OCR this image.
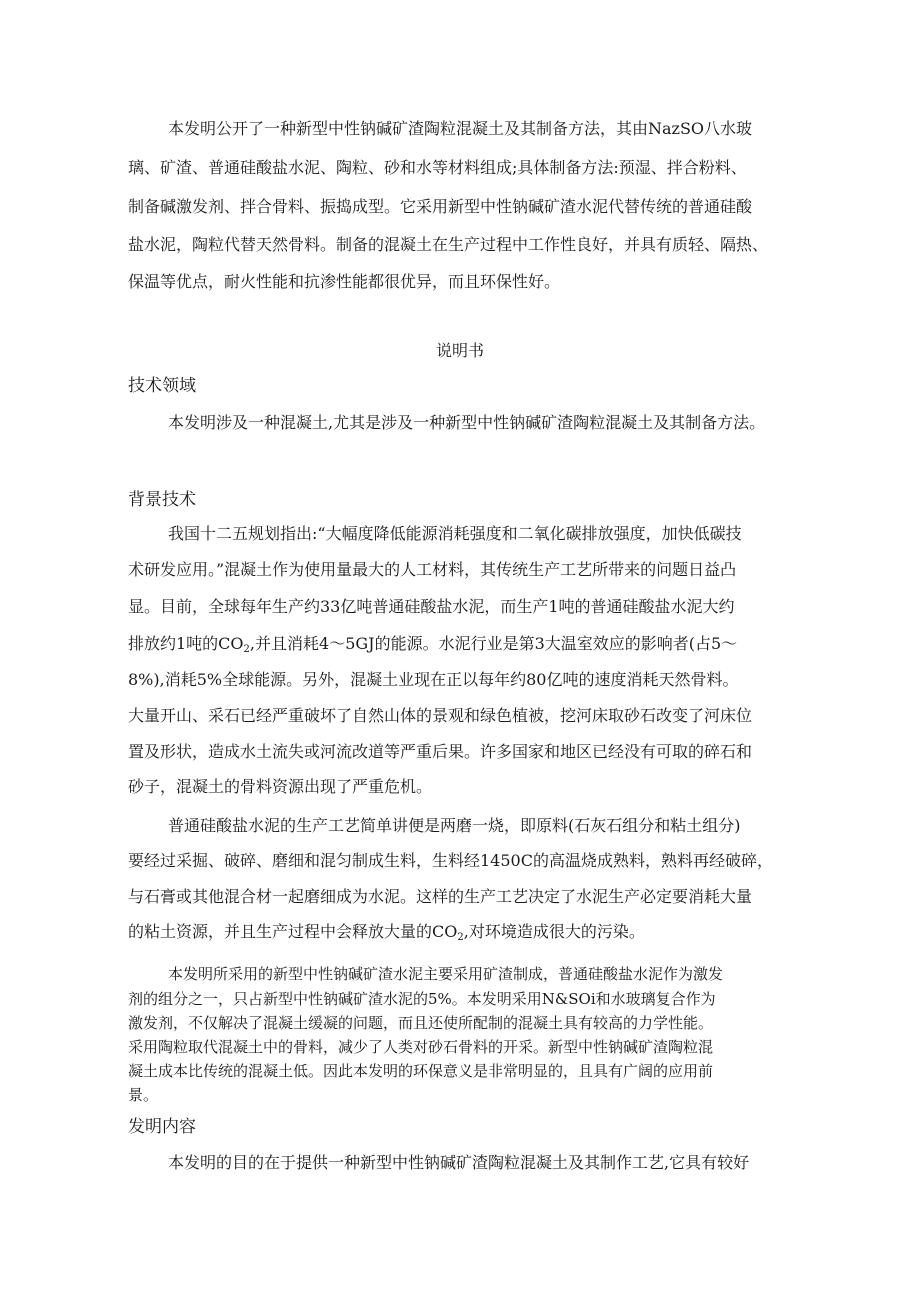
本发明公开了一种新型中性钠碱矿渣陶粒混凝土及其制备方法，其由NazSO八水玻
璃、矿渣、普通硅酸盐水泥、陶粒、砂和水等材料组成;具体制备方法:预湿、拌合粉料、
制备碱激发剂、拌合骨料、振捣成型。它采用新型中性钠碱矿渣水泥代替传统的普通硅酸
盐水泥，陶粒代替天然骨料。制备的混凝土在生产过程中工作性良好，并具有质轻、隔热、
保温等优点，耐火性能和抗渗性能都很优异，而且环保性好。
说明书
技术领域
本发明涉及一种混凝土,尤其是涉及一种新型中性钠碱矿渣陶粒混凝土及其制备方法。
背景技术
我国十二五规划指出:“大幅度降低能源消耗强度和二氧化碳排放强度，加快低碳技
术研发应用。”混凝土作为使用量最大的人工材料，其传统生产工艺所带来的问题日益凸
显。目前，全球每年生产约33亿吨普通硅酸盐水泥，而生产1吨的普通硅酸盐水泥大约
排放约1吨的$CO_2$,并且消耗4〜5GJ的能源。水泥行业是第3大温室效应的影响者(占5〜
8%),消耗5%全球能源。另外，混凝土业现在正以每年约80亿吨的速度消耗天然骨料。
大量开山、采石已经严重破坏了自然山体的景观和绿色植被，挖河床取砂石改变了河床位
置及形状，造成水土流失或河流改道等严重后果。许多国家和地区已经没有可取的碎石和
砂子，混凝土的骨料资源出现了严重危机。
普通硅酸盐水泥的生产工艺简单讲便是两磨一烧，即原料(石灰石组分和粘土组分)
要经过采掘、破碎、磨细和混匀制成生料，生料经1450C的高温烧成熟料，熟料再经破碎，
与石膏或其他混合材一起磨细成为水泥。这样的生产工艺决定了水泥生产必定要消耗大量
的粘土资源，并且生产过程中会释放大量的$CO_2$,对环境造成很大的污染。
本发明所采用的新型中性钠碱矿渣水泥主要采用矿渣制成，普通硅酸盐水泥作为激发
剂的组分之一，只占新型中性钠碱矿渣水泥的5%。本发明采用N&SOi和水玻璃复合作为
激发剂，不仅解决了混凝土缓凝的问题，而且还使所配制的混凝土具有较高的力学性能。
采用陶粒取代混凝土中的骨料，减少了人类对砂石骨料的开采。新型中性钠碱矿渣陶粒混
凝土成本比传统的混凝土低。因此本发明的环保意义是非常明显的，且具有广阔的应用前
景。
发明内容
本发明的目的在于提供一种新型中性钠碱矿渣陶粒混凝土及其制作工艺,它具有较好
